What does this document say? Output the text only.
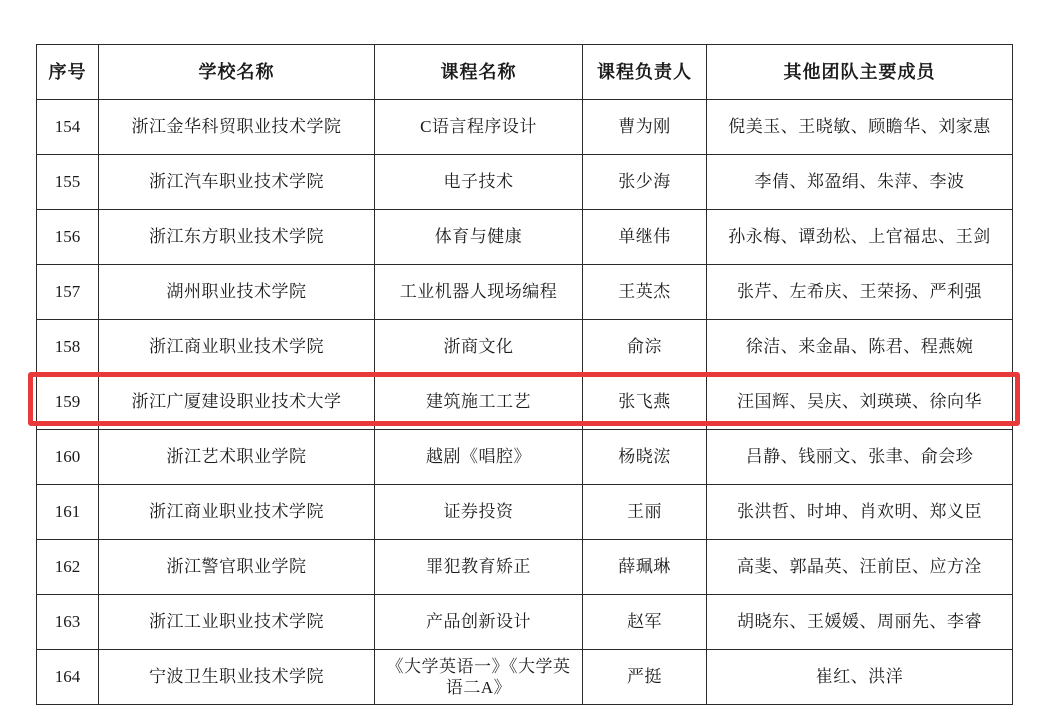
序号	学校名称	课程名称	课程负责人	其他团队主要成员
154	浙江金华科贸职业技术学院	C语言程序设计	曹为刚	倪美玉、王晓敏、顾瞻华、刘家惠
155	浙江汽车职业技术学院	电子技术	张少海	李倩、郑盈绢、朱萍、李波
156	浙江东方职业技术学院	体育与健康	单继伟	孙永梅、谭劲松、上官福忠、王剑
157	湖州职业技术学院	工业机器人现场编程	王英杰	张芹、左希庆、王荣扬、严利强
158	浙江商业职业技术学院	浙商文化	俞淙	徐洁、来金晶、陈君、程燕婉
159	浙江广厦建设职业技术大学	建筑施工工艺	张飞燕	汪国辉、吴庆、刘瑛瑛、徐向华
160	浙江艺术职业学院	越剧《唱腔》	杨晓浤	吕静、钱丽文、张聿、俞会珍
161	浙江商业职业技术学院	证券投资	王丽	张洪哲、时坤、肖欢明、郑义臣
162	浙江警官职业学院	罪犯教育矫正	薛珮琳	高斐、郭晶英、汪前臣、应方洤
163	浙江工业职业技术学院	产品创新设计	赵军	胡晓东、王媛媛、周丽先、李睿
164	宁波卫生职业技术学院	《大学英语一》《大学英语二A》	严挺	崔红、洪洋
